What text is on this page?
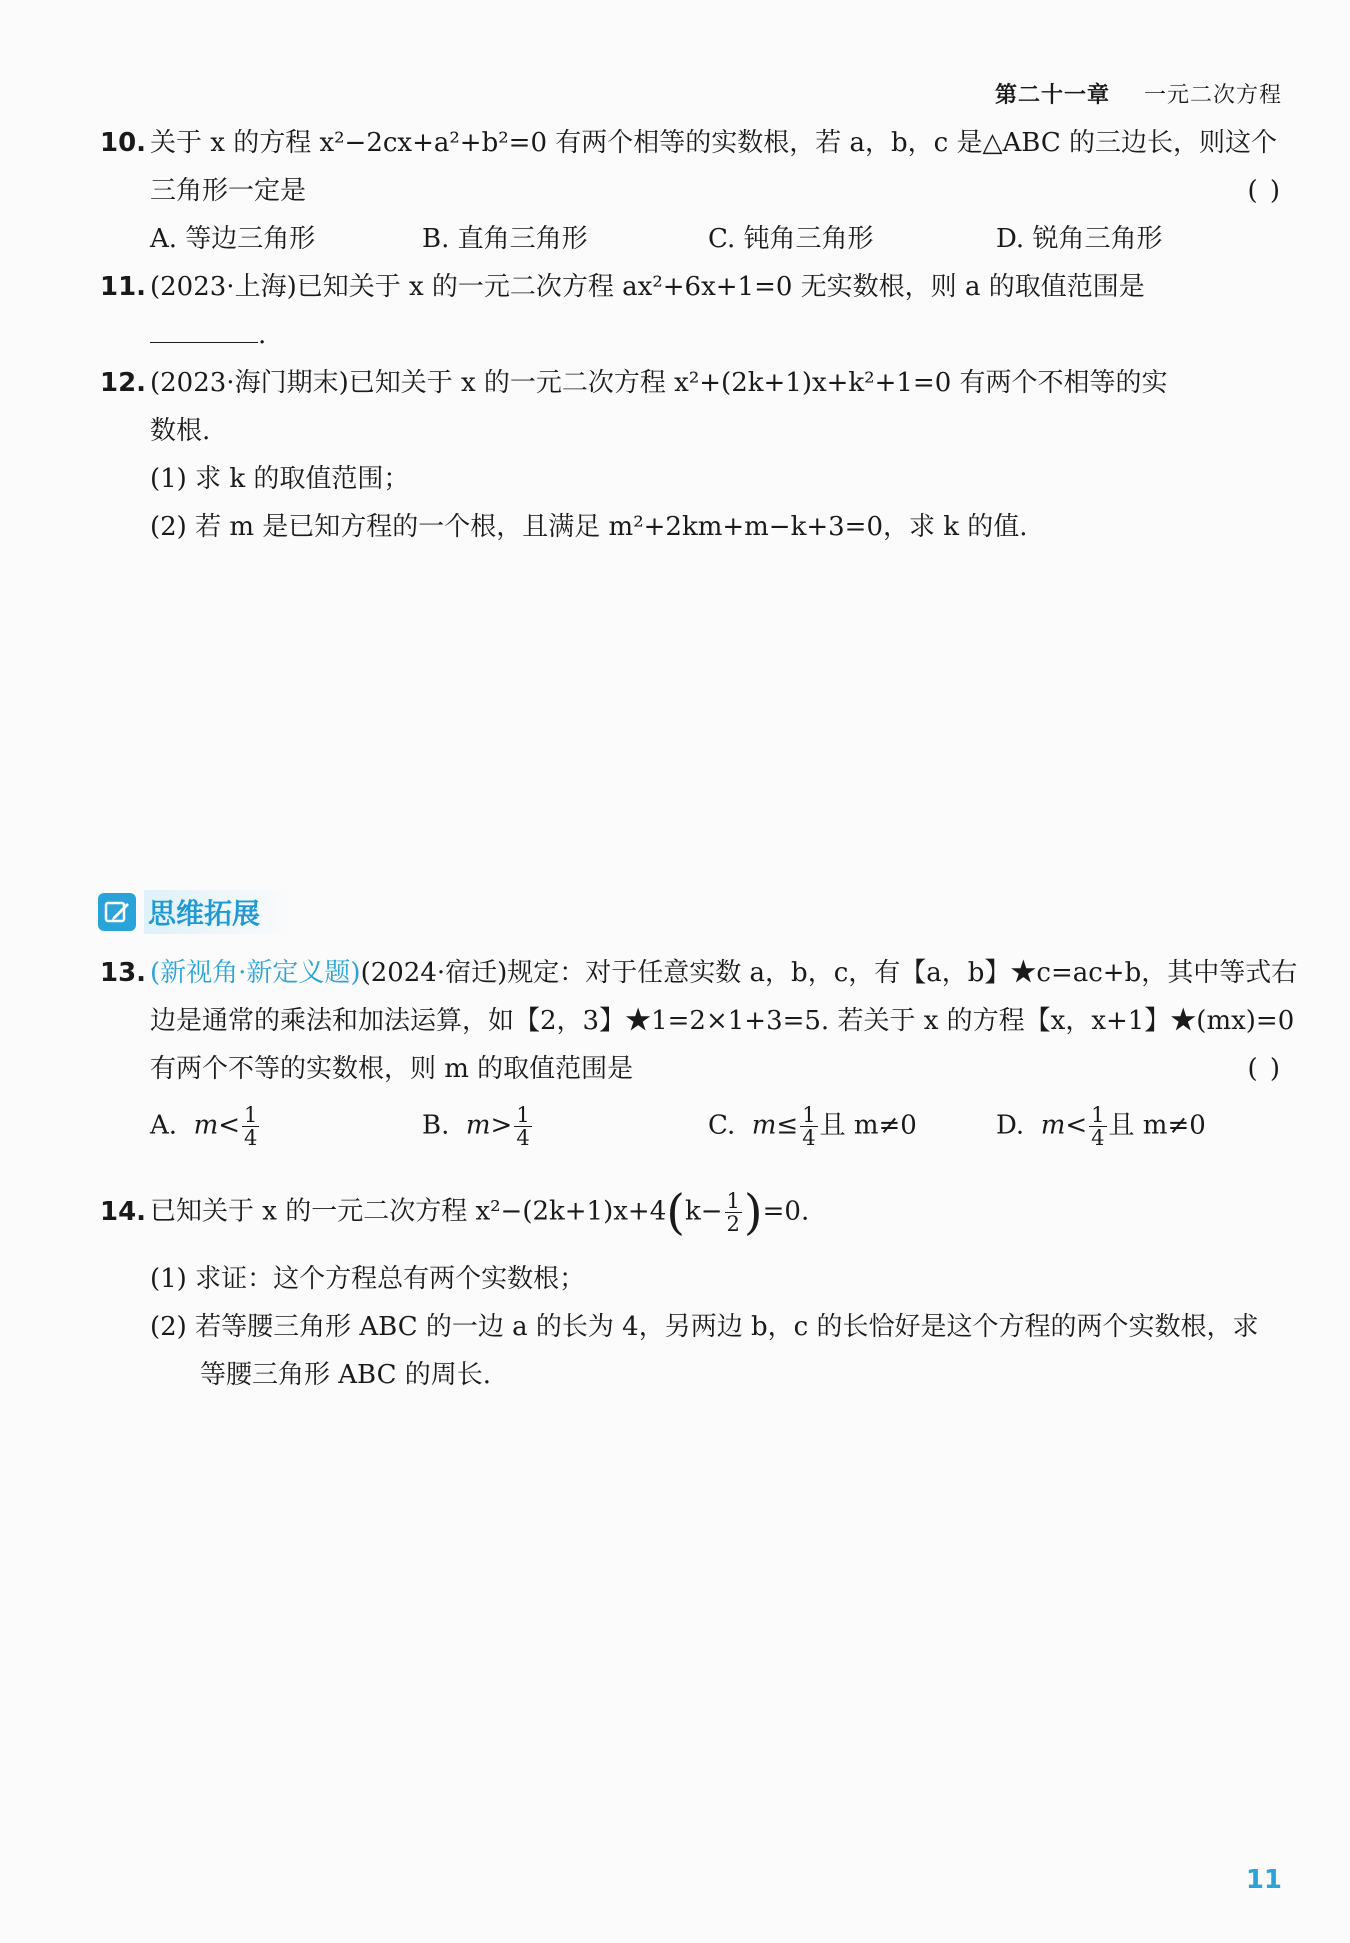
第二十一章 一元二次方程
10. 关于 x 的方程 x²−2cx+a²+b²=0 有两个相等的实数根，若 a，b，c 是△ABC 的三边长，则这个
三角形一定是	( )
A. 等边三角形	B. 直角三角形	C. 钝角三角形	D. 锐角三角形
11. (2023·上海)已知关于 x 的一元二次方程 ax²+6x+1=0 无实数根，则 a 的取值范围是
.
12. (2023·海门期末)已知关于 x 的一元二次方程 x²+(2k+1)x+k²+1=0 有两个不相等的实
数根.
(1) 求 k 的取值范围；
(2) 若 m 是已知方程的一个根，且满足 m²+2km+m−k+3=0，求 k 的值.
思维拓展
13. (新视角·新定义题)(2024·宿迁)规定：对于任意实数 a，b，c，有【a，b】★c=ac+b，其中等式右
边是通常的乘法和加法运算，如【2，3】★1=2×1+3=5. 若关于 x 的方程【x，x+1】★(mx)=0
有两个不等的实数根，则 m 的取值范围是	( )
A. $m< \frac{1}{4}$	B. $m> \frac{1}{4}$	C. $m\le \frac{1}{4}$ 且 m≠0	D. $m< \frac{1}{4}$ 且 m≠0
14. 已知关于 x 的一元二次方程 $x^2-(2k+1)x+4(k- \frac{1}{2} )=0$.
(1) 求证：这个方程总有两个实数根；
(2) 若等腰三角形 ABC 的一边 a 的长为 4，另两边 b，c 的长恰好是这个方程的两个实数根，求
等腰三角形 ABC 的周长.
11
